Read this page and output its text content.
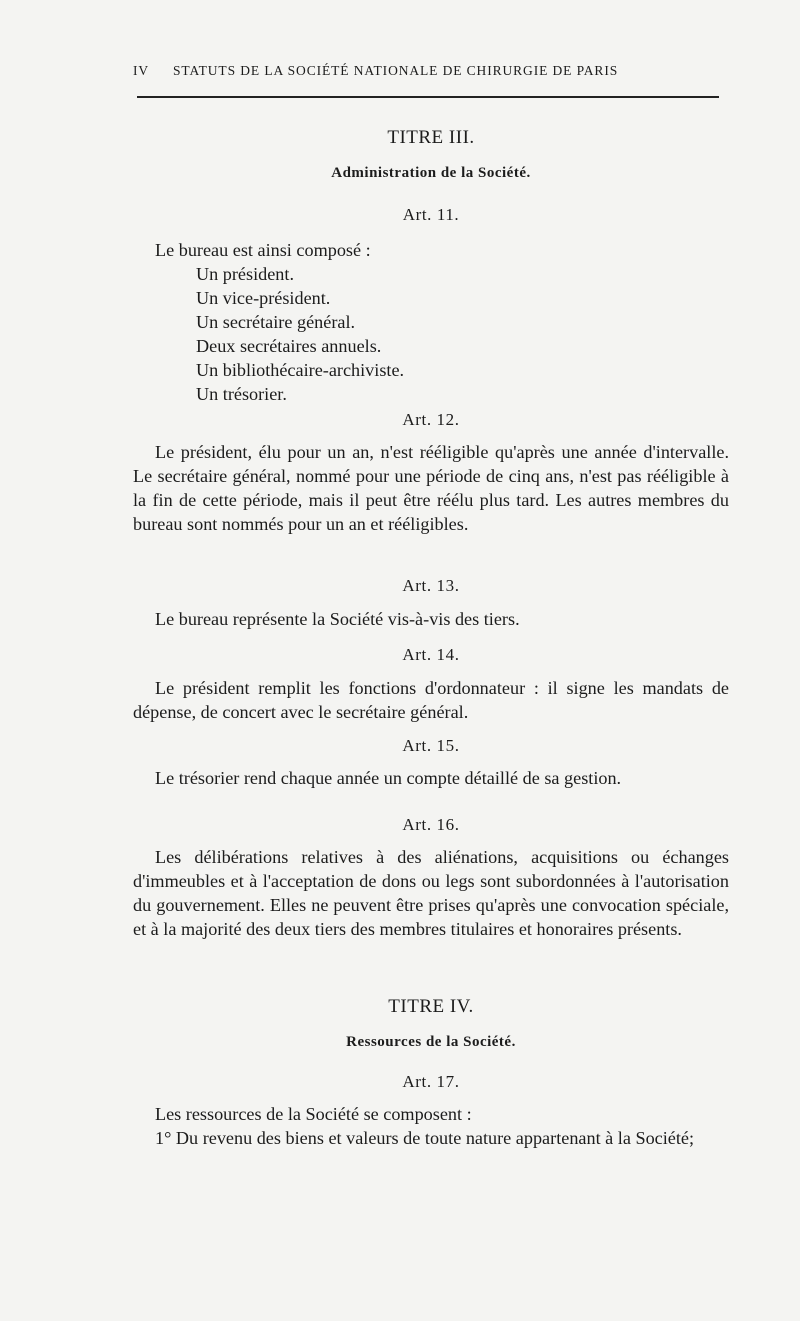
IV STATUTS DE LA SOCIÉTÉ NATIONALE DE CHIRURGIE DE PARIS
TITRE III.
Administration de la Société.
Art. 11.
Le bureau est ainsi composé :
Un président.
Un vice-président.
Un secrétaire général.
Deux secrétaires annuels.
Un bibliothécaire-archiviste.
Un trésorier.
Art. 12.
Le président, élu pour un an, n'est rééligible qu'après une année d'intervalle. Le secrétaire général, nommé pour une période de cinq ans, n'est pas rééligible à la fin de cette période, mais il peut être réélu plus tard. Les autres membres du bureau sont nommés pour un an et rééligibles.
Art. 13.
Le bureau représente la Société vis-à-vis des tiers.
Art. 14.
Le président remplit les fonctions d'ordonnateur : il signe les mandats de dépense, de concert avec le secrétaire général.
Art. 15.
Le trésorier rend chaque année un compte détaillé de sa gestion.
Art. 16.
Les délibérations relatives à des aliénations, acquisitions ou échanges d'immeubles et à l'acceptation de dons ou legs sont subordonnées à l'autorisation du gouvernement. Elles ne peuvent être prises qu'après une convocation spéciale, et à la majorité des deux tiers des membres titulaires et honoraires présents.
TITRE IV.
Ressources de la Société.
Art. 17.
Les ressources de la Société se composent :
1° Du revenu des biens et valeurs de toute nature appartenant à la Société;
